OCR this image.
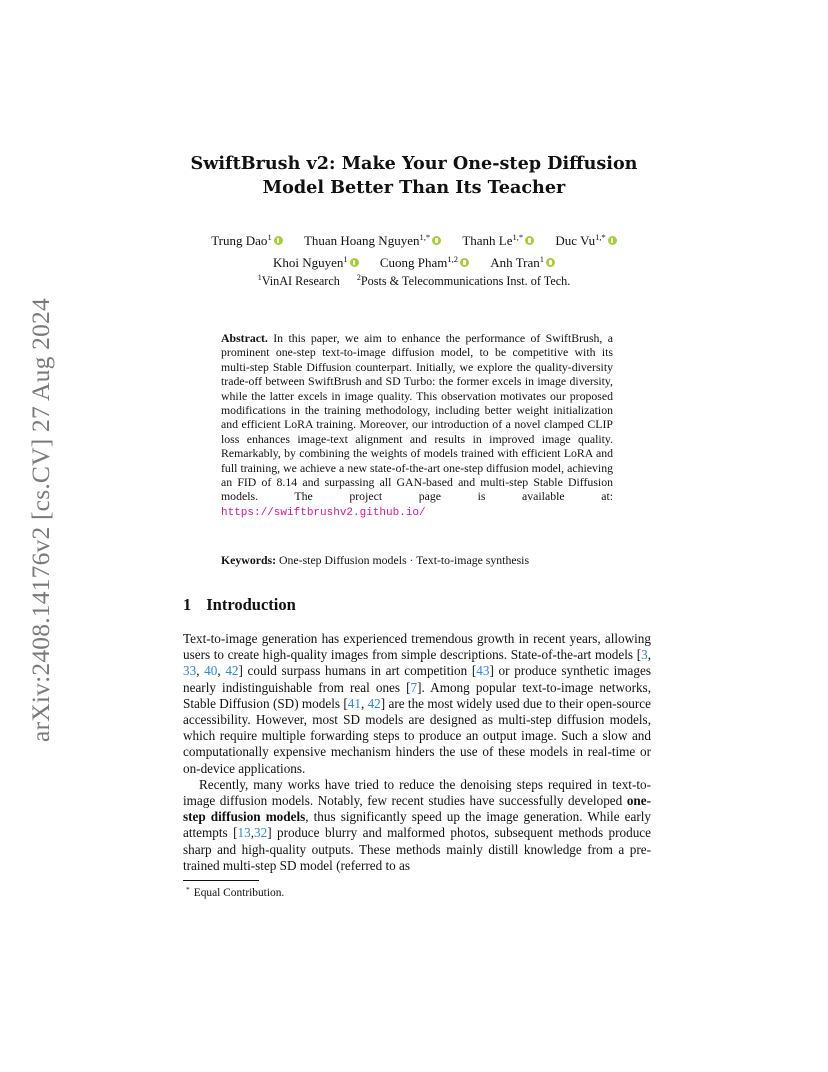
arXiv:2408.14176v2 [cs.CV] 27 Aug 2024
SwiftBrush v2: Make Your One-step Diffusion
Model Better Than Its Teacher
Trung Dao$^1$ Thuan Hoang Nguyen$^{1,*}$ Thanh $Le^{1,*}$ Duc $Vu^{1,*}$
Khoi Nguyen$^1$ Cuong Pham$^{1,2}$ Anh Tran$^1$
$^1$VinAI Research $^2$Posts & Telecommunications Inst. of Tech.

Abstract. In this paper, we aim to enhance the performance of SwiftBrush, a prominent one-step text-to-image diffusion model, to be competitive with its multi-step Stable Diffusion counterpart. Initially, we explore the quality-diversity trade-off between SwiftBrush and SD Turbo: the former excels in image diversity, while the latter excels in image quality. This observation motivates our proposed modifications in the training methodology, including better weight initialization and efficient LoRA training. Moreover, our introduction of a novel clamped CLIP loss enhances image-text alignment and results in improved image quality. Remarkably, by combining the weights of models trained with efficient LoRA and full training, we achieve a new state-of-the-art one-step diffusion model, achieving an FID of 8.14 and surpassing all GAN-based and multi-step Stable Diffusion models. The project page is available at: https://swiftbrushv2.github.io/

Keywords: One-step Diffusion models · Text-to-image synthesis

1 Introduction

Text-to-image generation has experienced tremendous growth in recent years, allowing users to create high-quality images from simple descriptions. State-of-the-art models [3, 33, 40, 42] could surpass humans in art competition [43] or produce synthetic images nearly indistinguishable from real ones [7]. Among popular text-to-image networks, Stable Diffusion (SD) models [41, 42] are the most widely used due to their open-source accessibility. However, most SD models are designed as multi-step diffusion models, which require multiple forwarding steps to produce an output image. Such a slow and computationally expensive mechanism hinders the use of these models in real-time or on-device applications.

Recently, many works have tried to reduce the denoising steps required in text-to-image diffusion models. Notably, few recent studies have successfully developed one-step diffusion models, thus significantly speed up the image generation. While early attempts [13,32] produce blurry and malformed photos, subsequent methods produce sharp and high-quality outputs. These methods mainly distill knowledge from a pre-trained multi-step SD model (referred to as

* Equal Contribution.
